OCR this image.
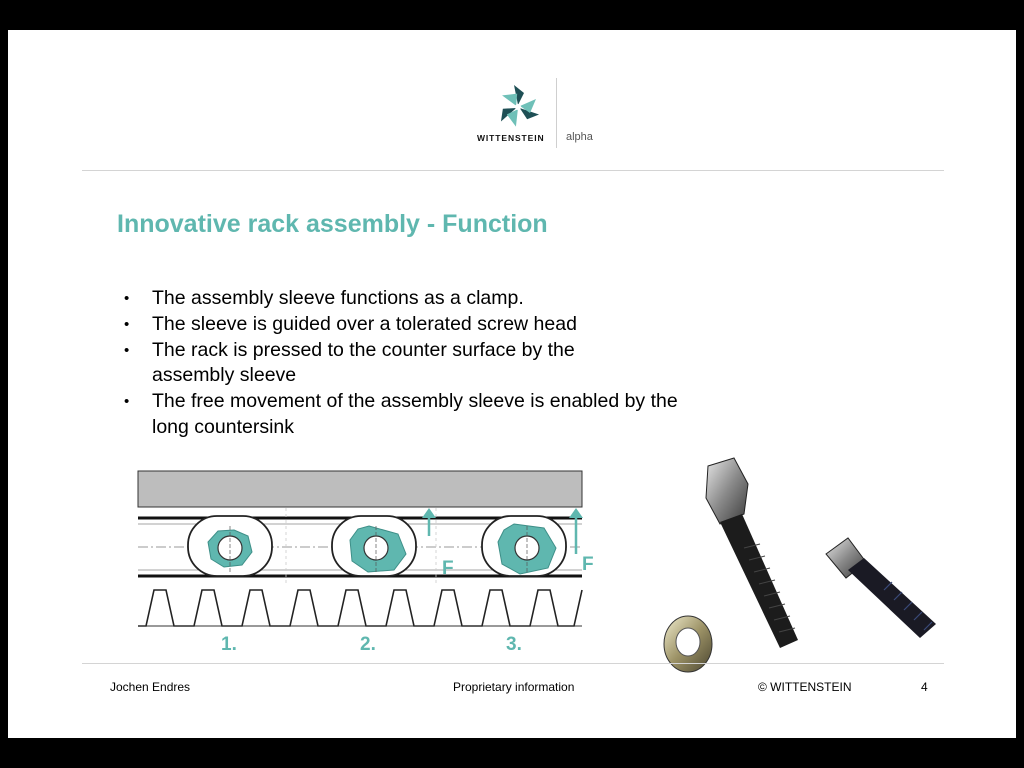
WITTENSTEIN alpha
Innovative rack assembly - Function
• The assembly sleeve functions as a clamp.
• The sleeve is guided over a tolerated screw head
• The rack is pressed to the counter surface by the assembly sleeve
• The free movement of the assembly sleeve is enabled by the long countersink
F	F
1.	2.	3.
Jochen Endres	Proprietary information	© WITTENSTEIN	4
